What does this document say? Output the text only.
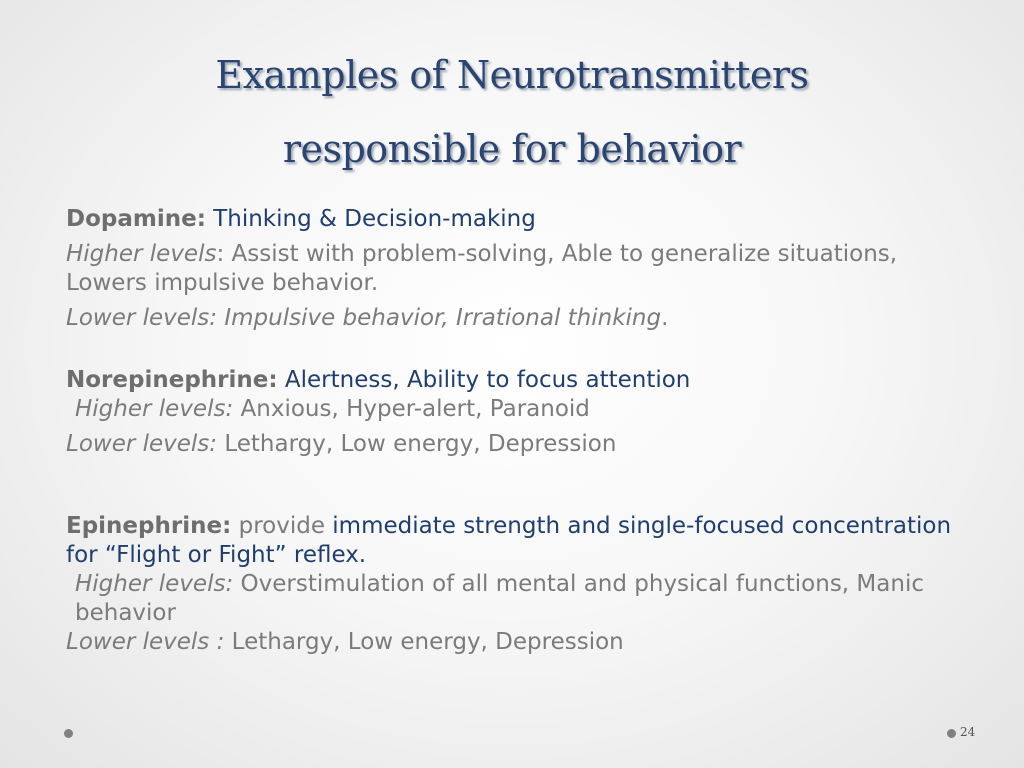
Examples of Neurotransmitters
responsible for behavior

Dopamine: Thinking & Decision-making

Higher levels: Assist with problem-solving, Able to generalize situations, Lowers impulsive behavior.

Lower levels: Impulsive behavior, Irrational thinking.

Norepinephrine: Alertness, Ability to focus attention

Higher levels: Anxious, Hyper-alert, Paranoid

Lower levels: Lethargy, Low energy, Depression

Epinephrine: provide immediate strength and single-focused concentration for “Flight or Fight” reflex.

Higher levels: Overstimulation of all mental and physical functions, Manic behavior

Lower levels : Lethargy, Low energy, Depression

24
